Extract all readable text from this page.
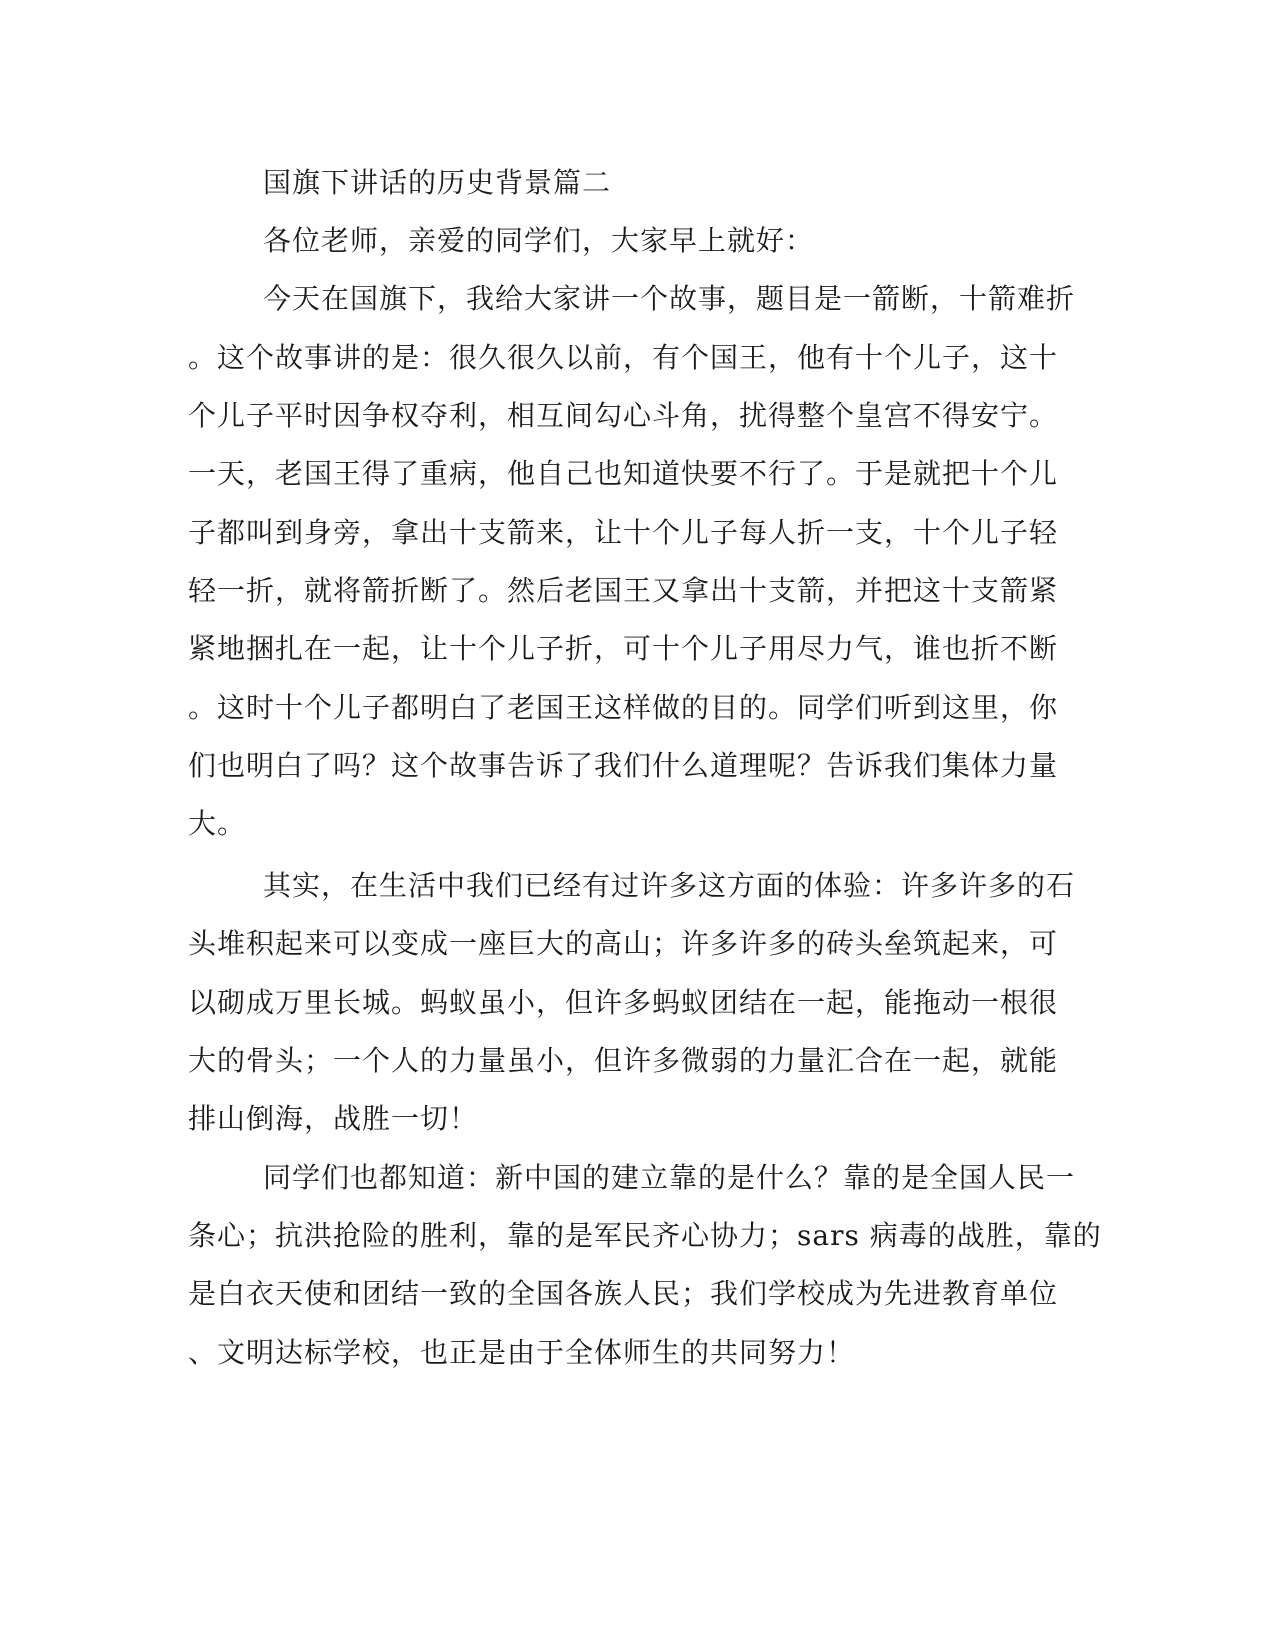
国旗下讲话的历史背景篇二
各位老师，亲爱的同学们，大家早上就好：
今天在国旗下，我给大家讲一个故事，题目是一箭断，十箭难折
。这个故事讲的是：很久很久以前，有个国王，他有十个儿子，这十
个儿子平时因争权夺利，相互间勾心斗角，扰得整个皇宫不得安宁。
一天，老国王得了重病，他自己也知道快要不行了。于是就把十个儿
子都叫到身旁，拿出十支箭来，让十个儿子每人折一支，十个儿子轻
轻一折，就将箭折断了。然后老国王又拿出十支箭，并把这十支箭紧
紧地捆扎在一起，让十个儿子折，可十个儿子用尽力气，谁也折不断
。这时十个儿子都明白了老国王这样做的目的。同学们听到这里，你
们也明白了吗？这个故事告诉了我们什么道理呢？告诉我们集体力量
大。
其实，在生活中我们已经有过许多这方面的体验：许多许多的石
头堆积起来可以变成一座巨大的高山；许多许多的砖头垒筑起来，可
以砌成万里长城。蚂蚁虽小，但许多蚂蚁团结在一起，能拖动一根很
大的骨头；一个人的力量虽小，但许多微弱的力量汇合在一起，就能
排山倒海，战胜一切！
同学们也都知道：新中国的建立靠的是什么？靠的是全国人民一
条心；抗洪抢险的胜利，靠的是军民齐心协力；sars 病毒的战胜，靠的
是白衣天使和团结一致的全国各族人民；我们学校成为先进教育单位
、文明达标学校，也正是由于全体师生的共同努力！
